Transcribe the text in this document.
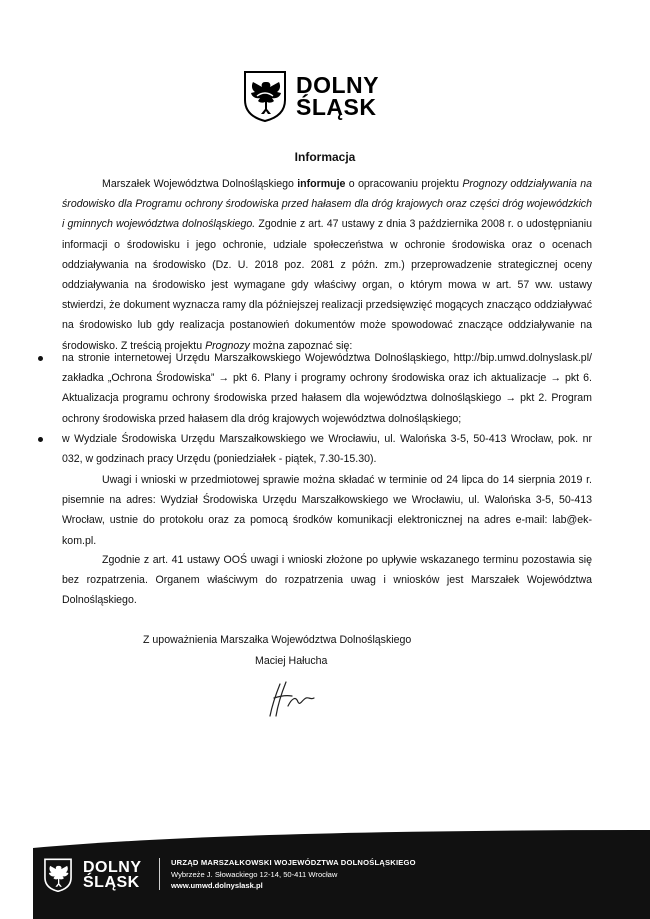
DOLNY
ŚLĄSK
Informacja

Marszałek Województwa Dolnośląskiego informuje o opracowaniu projektu Prognozy oddziaływania na środowisko dla Programu ochrony środowiska przed hałasem dla dróg krajowych oraz części dróg wojewódzkich i gminnych województwa dolnośląskiego. Zgodnie z art. 47 ustawy z dnia 3 października 2008 r. o udostępnianiu informacji o środowisku i jego ochronie, udziale społeczeństwa w ochronie środowiska oraz o ocenach oddziaływania na środowisko (Dz. U. 2018 poz. 2081 z późn. zm.) przeprowadzenie strategicznej oceny oddziaływania na środowisko jest wymagane gdy właściwy organ, o którym mowa w art. 57 ww. ustawy stwierdzi, że dokument wyznacza ramy dla późniejszej realizacji przedsięwzięć mogących znacząco oddziaływać na środowisko lub gdy realizacja postanowień dokumentów może spowodować znaczące oddziaływanie na środowisko. Z treścią projektu Prognozy można zapoznać się:

na stronie internetowej Urzędu Marszałkowskiego Województwa Dolnośląskiego, http://bip.umwd.dolnyslask.pl/ zakładka „Ochrona Środowiska” → pkt 6. Plany i programy ochrony środowiska oraz ich aktualizacje → pkt 6. Aktualizacja programu ochrony środowiska przed hałasem dla województwa dolnośląskiego → pkt 2. Program ochrony środowiska przed hałasem dla dróg krajowych województwa dolnośląskiego;
w Wydziale Środowiska Urzędu Marszałkowskiego we Wrocławiu, ul. Walońska 3-5, 50-413 Wrocław, pok. nr 032, w godzinach pracy Urzędu (poniedziałek - piątek, 7.30-15.30).

Uwagi i wnioski w przedmiotowej sprawie można składać w terminie od 24 lipca do 14 sierpnia 2019 r. pisemnie na adres: Wydział Środowiska Urzędu Marszałkowskiego we Wrocławiu, ul. Walońska 3-5, 50-413 Wrocław, ustnie do protokołu oraz za pomocą środków komunikacji elektronicznej na adres e-mail: lab@ek-kom.pl.

Zgodnie z art. 41 ustawy OOŚ uwagi i wnioski złożone po upływie wskazanego terminu pozostawia się bez rozpatrzenia. Organem właściwym do rozpatrzenia uwag i wniosków jest Marszałek Województwa Dolnośląskiego.

Z upoważnienia Marszałka Województwa Dolnośląskiego
Maciej Hałucha
DOLNY
ŚLĄSK
URZĄD MARSZAŁKOWSKI WOJEWÓDZTWA DOLNOŚLĄSKIEGO
Wybrzeże J. Słowackiego 12-14, 50-411 Wrocław
www.umwd.dolnyslask.pl
